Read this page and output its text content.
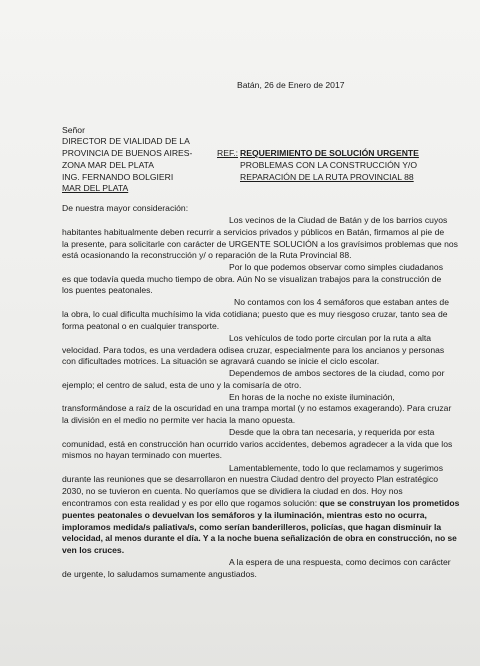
Batán, 26 de Enero de 2017
Señor
DIRECTOR DE VIALIDAD DE LA
PROVINCIA DE BUENOS AIRES-
ZONA MAR DEL PLATA
ING. FERNANDO BOLGIERI
MAR DEL PLATA
REF.: REQUERIMIENTO DE SOLUCIÓN URGENTE
PROBLEMAS CON LA CONSTRUCCIÓN Y/O
REPARACIÓN DE LA RUTA PROVINCIAL 88
De nuestra mayor consideración:
Los vecinos de la Ciudad de Batán y de los barrios cuyos
habitantes habitualmente deben recurrir a servicios privados y públicos en Batán, firmamos al pie de
la presente, para solicitarle con carácter de URGENTE SOLUCIÓN a los gravísimos problemas que nos
está ocasionando la reconstrucción y/ o reparación de la Ruta Provincial 88.
Por lo que podemos observar como simples ciudadanos
es que todavía queda mucho tiempo de obra. Aún No se visualizan trabajos para la construcción de
los puentes peatonales.
No contamos con los 4 semáforos que estaban antes de
la obra, lo cual dificulta muchísimo la vida cotidiana; puesto que es muy riesgoso cruzar, tanto sea de
forma peatonal o en cualquier transporte.
Los vehículos de todo porte circulan por la ruta a alta
velocidad. Para todos, es una verdadera odisea cruzar, especialmente para los ancianos y personas
con dificultades motrices. La situación se agravará cuando se inicie el ciclo escolar.
Dependemos de ambos sectores de la ciudad, como por
ejemplo; el centro de salud, esta de uno y la comisaría de otro.
En horas de la noche no existe iluminación,
transformándose a raíz de la oscuridad en una trampa mortal (y no estamos exagerando). Para cruzar
la división en el medio no permite ver hacia la mano opuesta.
Desde que la obra tan necesaria, y requerida por esta
comunidad, está en construcción han ocurrido varios accidentes, debemos agradecer a la vida que los
mismos no hayan terminado con muertes.
Lamentablemente, todo lo que reclamamos y sugerimos
durante las reuniones que se desarrollaron en nuestra Ciudad dentro del proyecto Plan estratégico
2030, no se tuvieron en cuenta. No queríamos que se dividiera la ciudad en dos. Hoy nos
encontramos con esta realidad y es por ello que rogamos solución: que se construyan los prometidos
puentes peatonales o devuelvan los semáforos y la iluminación, mientras esto no ocurra,
imploramos medida/s paliativa/s, como serían banderilleros, policías, que hagan disminuir la
velocidad, al menos durante el día. Y a la noche buena señalización de obra en construcción, no se
ven los cruces.
A la espera de una respuesta, como decimos con carácter
de urgente, lo saludamos sumamente angustiados.
